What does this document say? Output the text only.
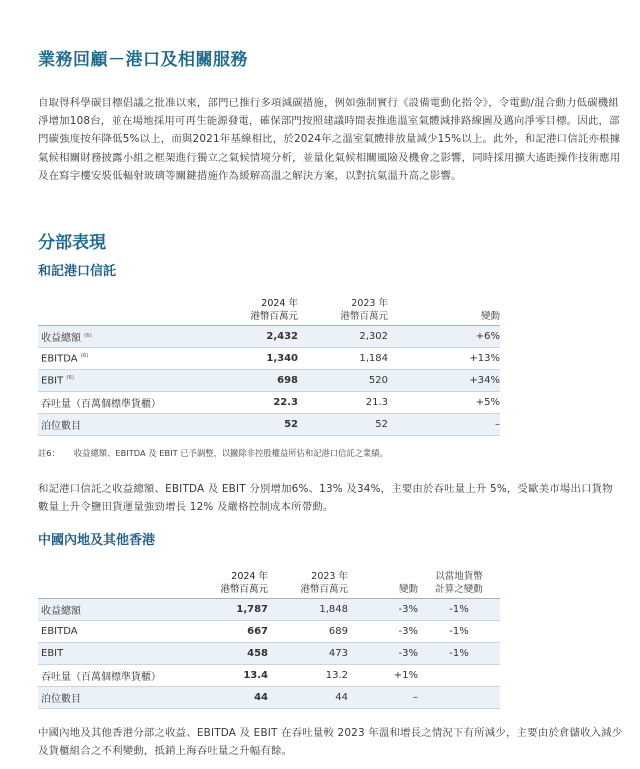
業務回顧－港口及相關服務
自取得科學碳目標倡議之批准以來，部門已推行多項減碳措施，例如強制實行《設備電動化指令》，令電動/混合動力低碳機組淨增加108台，並在場地採用可再生能源發電，確保部門按照建議時間表推進溫室氣體減排路線圖及邁向淨零目標。因此，部門碳強度按年降低5%以上，而與2021年基線相比，於2024年之溫室氣體排放量減少15%以上。此外，和記港口信託亦根據氣候相關財務披露小組之框架進行獨立之氣候情境分析，並量化氣候相關風險及機會之影響，同時採用擴大遙距操作技術應用及在寫字樓安裝低輻射玻璃等關鍵措施作為緩解高溫之解決方案，以對抗氣溫升高之影響。
分部表現
和記港口信託
	2024 年
港幣百萬元	2023 年
港幣百萬元	變動
收益總額 $^{(6)}$	2,432	2,302	+6%
EBITDA $^{(6)}$	1,340	1,184	+13%
EBIT $^{(6)}$	698	520	+34%
吞吐量（百萬個標準貨櫃）	22.3	21.3	+5%
泊位數目	52	52	–
註6： 收益總額、EBITDA 及 EBIT 已予調整，以撇除非控股權益所佔和記港口信託之業績。
和記港口信託之收益總額、EBITDA 及 EBIT 分別增加6%、13% 及34%，主要由於吞吐量上升 5%，受歐美市場出口貨物數量上升令鹽田貨運量強勁增長 12% 及嚴格控制成本所帶動。
中國內地及其他香港
	2024 年
港幣百萬元	2023 年
港幣百萬元	變動	以當地貨幣
計算之變動
收益總額	1,787	1,848	-3%	-1%
EBITDA	667	689	-3%	-1%
EBIT	458	473	-3%	-1%
吞吐量（百萬個標準貨櫃）	13.4	13.2	+1%	
泊位數目	44	44	–	
中國內地及其他香港分部之收益、EBITDA 及 EBIT 在吞吐量較 2023 年溫和增長之情況下有所減少，主要由於倉儲收入減少及貨櫃組合之不利變動，抵銷上海吞吐量之升幅有餘。
